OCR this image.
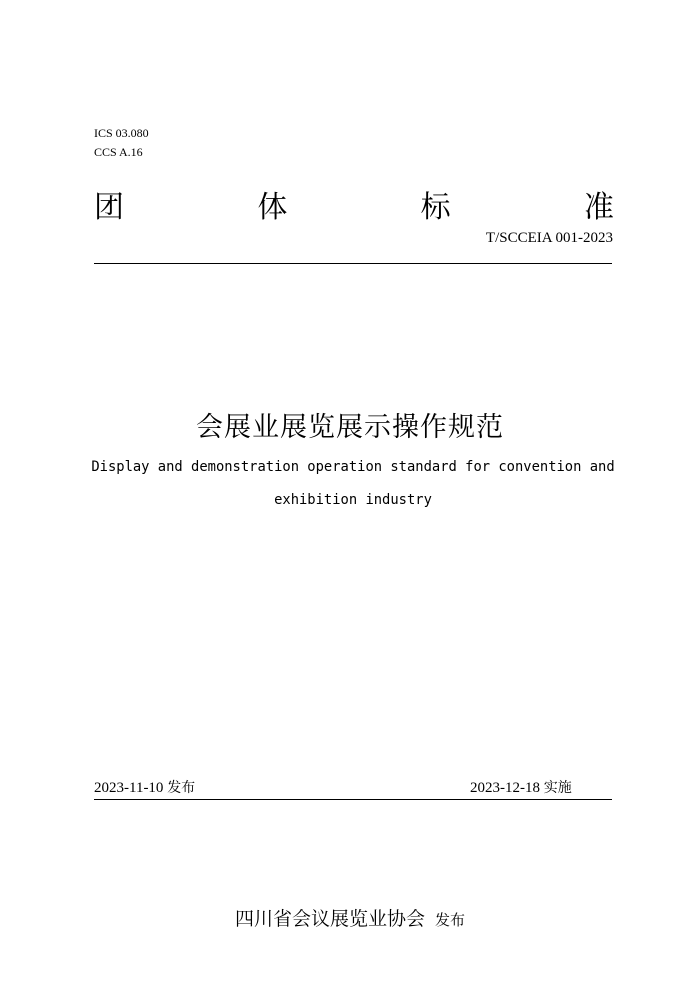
ICS 03.080
CCS A.16
团	体	标	准
T/SCCEIA 001-2023
会展业展览展示操作规范
Display and demonstration operation standard for convention and
exhibition industry
2023-11-10 发布	2023-12-18 实施
四川省会议展览业协会 发布
